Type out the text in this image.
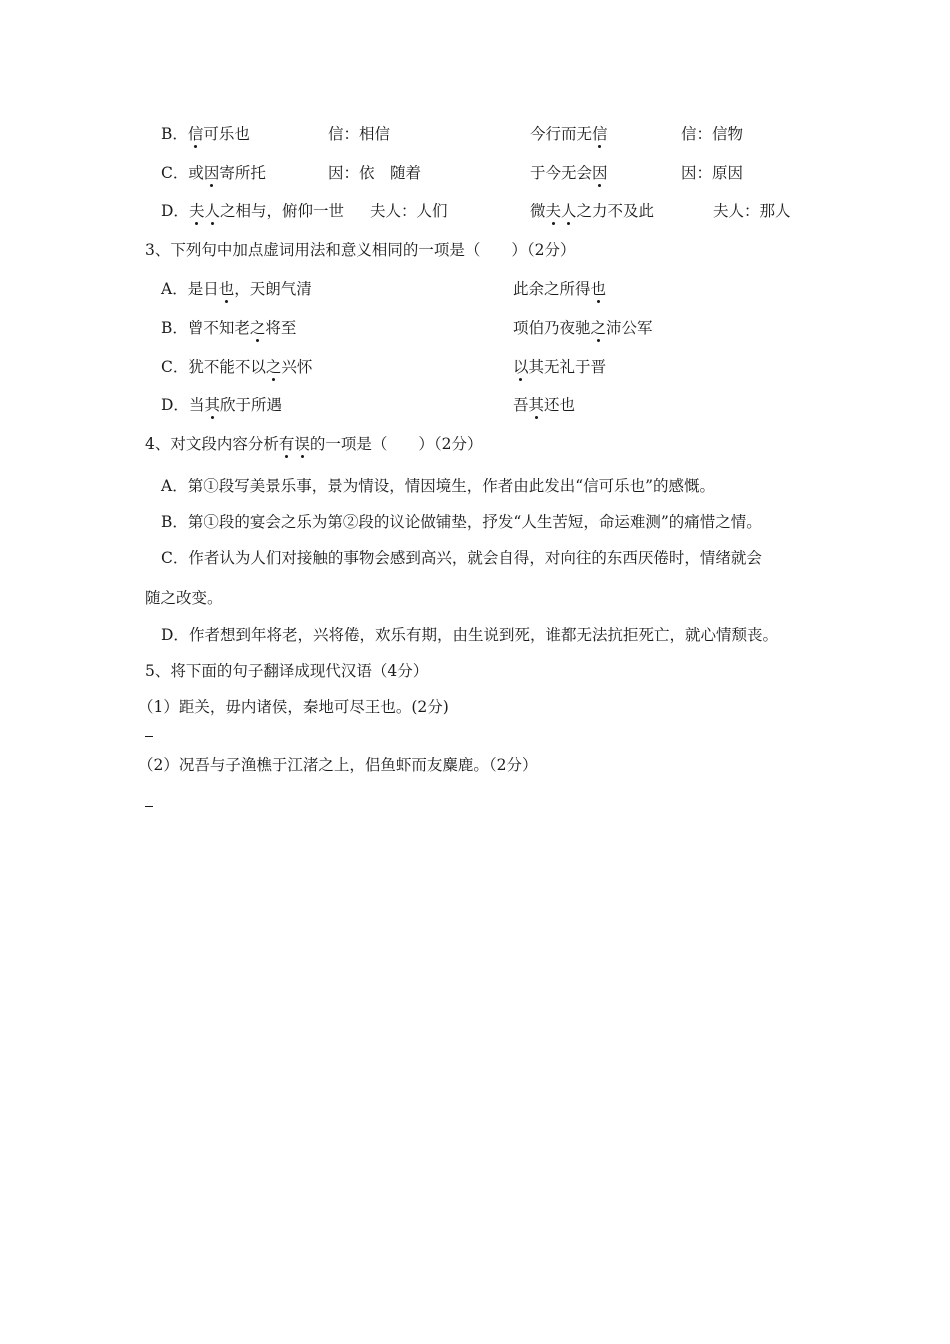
B．信可乐也	信：相信	今行而无信	信：信物
C．或因寄所托	因：依　随着	于今无会因	因：原因
D．夫人之相与，俯仰一世 夫人：人们	微夫人之力不及此	夫人：那人
3、下列句中加点虚词用法和意义相同的一项是（　　）（2分）
A．是日也，天朗气清	此余之所得也
B．曾不知老之将至	项伯乃夜驰之沛公军
C．犹不能不以之兴怀	以其无礼于晋
D．当其欣于所遇	吾其还也
4、对文段内容分析有误的一项是（　　）（2分）
A．第①段写美景乐事，景为情设，情因境生，作者由此发出“信可乐也”的感慨。
B．第①段的宴会之乐为第②段的议论做铺垫，抒发“人生苦短，命运难测”的痛惜之情。
C．作者认为人们对接触的事物会感到高兴，就会自得，对向往的东西厌倦时，情绪就会
随之改变。
D．作者想到年将老，兴将倦，欢乐有期，由生说到死，谁都无法抗拒死亡，就心情颓丧。
5、将下面的句子翻译成现代汉语（4分）
（1）距关，毋内诸侯，秦地可尽王也。(2分)
（2）况吾与子渔樵于江渚之上，侣鱼虾而友麋鹿。（2分）
